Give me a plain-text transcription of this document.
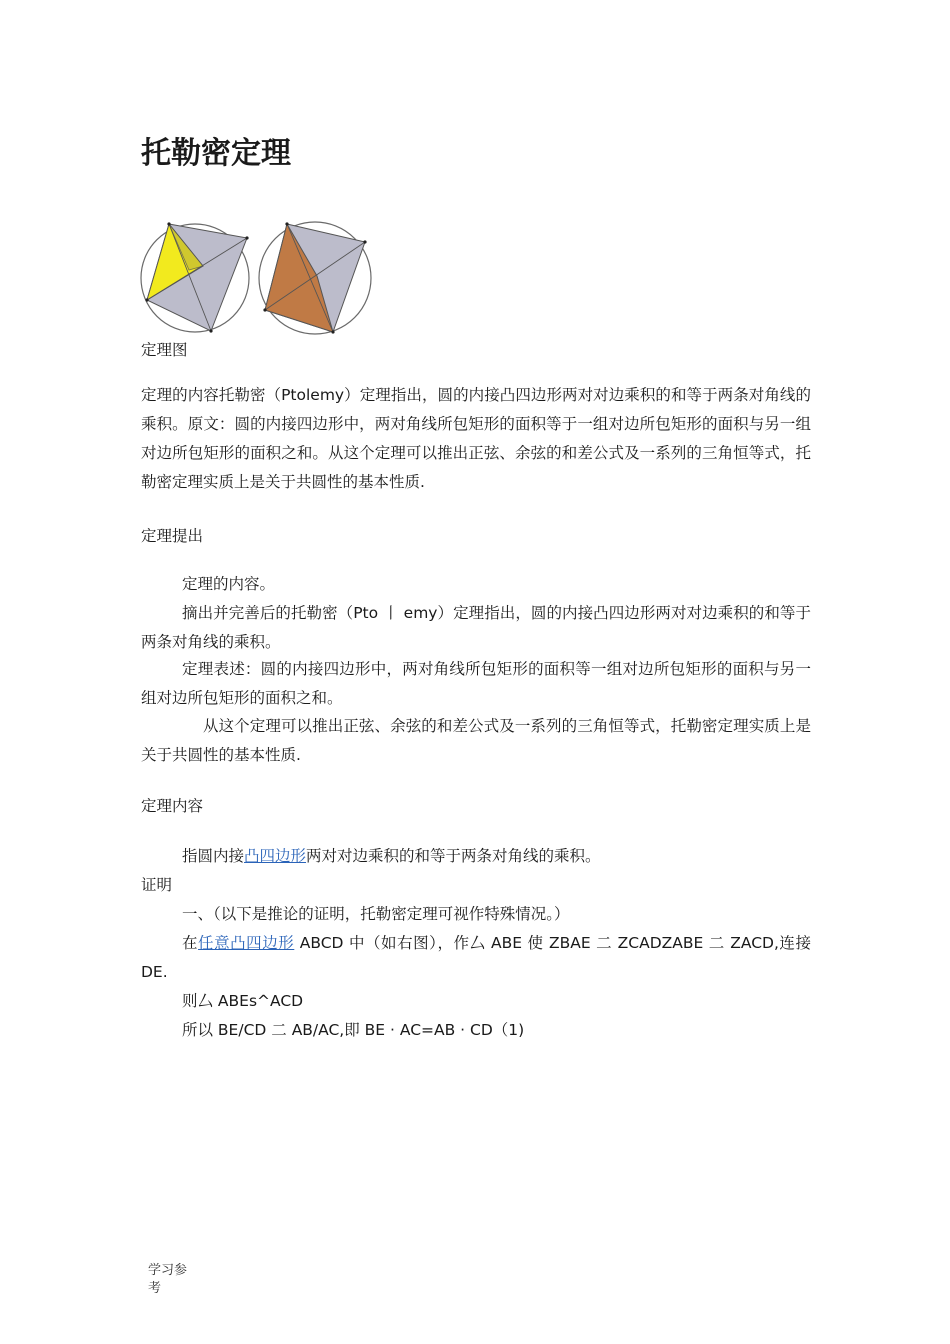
托勒密定理
定理图
定理的内容托勒密（Ptolemy）定理指出，圆的内接凸四边形两对对边乘积的和等于两条对角线的乘积。原文：圆的内接四边形中，两对角线所包矩形的面积等于一组对边所包矩形的面积与另一组对边所包矩形的面积之和。从这个定理可以推出正弦、余弦的和差公式及一系列的三角恒等式，托勒密定理实质上是关于共圆性的基本性质.
定理提出
定理的内容。
摘出并完善后的托勒密（Pto 丨 emy）定理指出，圆的内接凸四边形两对对边乘积的和等于两条对角线的乘积。
定理表述：圆的内接四边形中，两对角线所包矩形的面积等一组对边所包矩形的面积与另一组对边所包矩形的面积之和。
从这个定理可以推出正弦、余弦的和差公式及一系列的三角恒等式，托勒密定理实质上是关于共圆性的基本性质.
定理内容
指圆内接凸四边形两对对边乘积的和等于两条对角线的乘积。
证明
一、（以下是推论的证明，托勒密定理可视作特殊情况。）
在任意凸四边形 ABCD 中（如右图），作厶 ABE 使 ZBAE 二 ZCADZABE 二 ZACD,连接 DE.
则厶 ABEs^ACD
所以 BE/CD 二 AB/AC,即 BE · AC=AB · CD（1)
学习参
考
